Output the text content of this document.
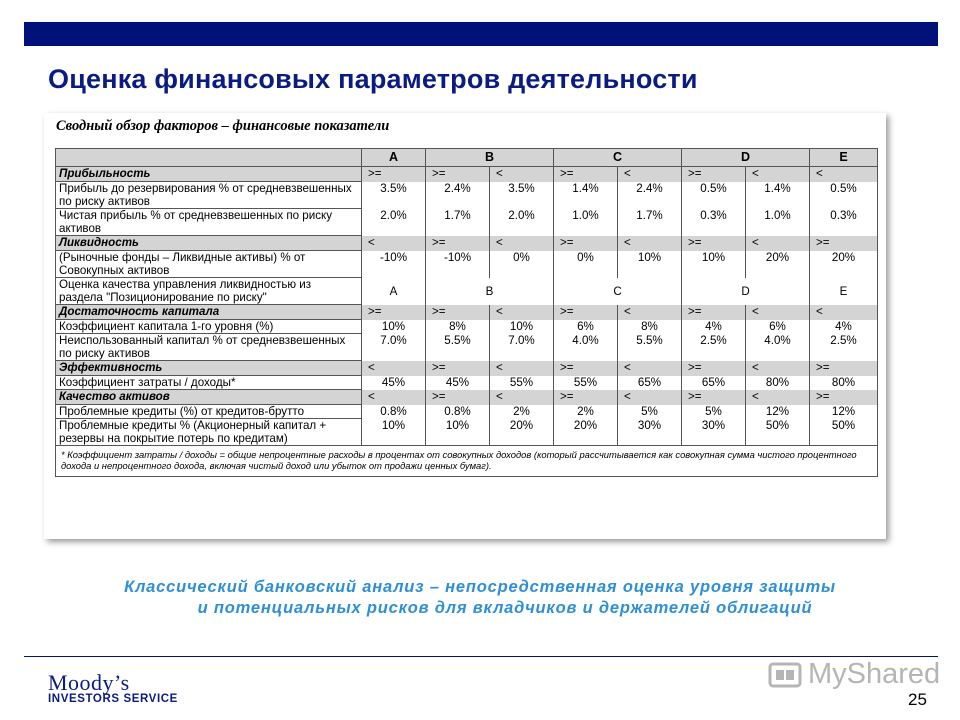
Оценка финансовых параметров деятельности
Сводный обзор факторов – финансовые показатели
	A	B		C		D		E
Прибыльность	>=	>=	<	>=	<	>=	<	<
Прибыль до резервирования % от средневзвешенных по риску активов	3.5%	2.4%	3.5%	1.4%	2.4%	0.5%	1.4%	0.5%
Чистая прибыль % от средневзвешенных по риску активов	2.0%	1.7%	2.0%	1.0%	1.7%	0.3%	1.0%	0.3%
Ликвидность	<	>=	<	>=	<	>=	<	>=
(Рыночные фонды – Ликвидные активы) % от Совокупных активов	-10%	-10%	0%	0%	10%	10%	20%	20%
Оценка качества управления ликвидностью из раздела "Позиционирование по риску"	A	B		C		D		E
Достаточность капитала	>=	>=	<	>=	<	>=	<	<
Коэффициент капитала 1-го уровня (%)	10%	8%	10%	6%	8%	4%	6%	4%
Неиспользованный капитал % от средневзвешенных по риску активов	7.0%	5.5%	7.0%	4.0%	5.5%	2.5%	4.0%	2.5%
Эффективность	<	>=	<	>=	<	>=	<	>=
Коэффициент затраты / доходы*	45%	45%	55%	55%	65%	65%	80%	80%
Качество активов	<	>=	<	>=	<	>=	<	>=
Проблемные кредиты (%) от кредитов-брутто	0.8%	0.8%	2%	2%	5%	5%	12%	12%
Проблемные кредиты % (Акционерный капитал + резервы на покрытие потерь по кредитам)	10%	10%	20%	20%	30%	30%	50%	50%
* Коэффициент затраты / доходы = общие непроцентные расходы в процентах от совокупных доходов (который рассчитывается как совокупная сумма чистого процентного дохода и непроцентного дохода, включая чистый доход или убыток от продажи ценных бумаг).								
Классический банковский анализ – непосредственная оценка уровня защиты
и потенциальных рисков для вкладчиков и держателей облигаций
Moody’s
INVESTORS SERVICE
MyShared
25
